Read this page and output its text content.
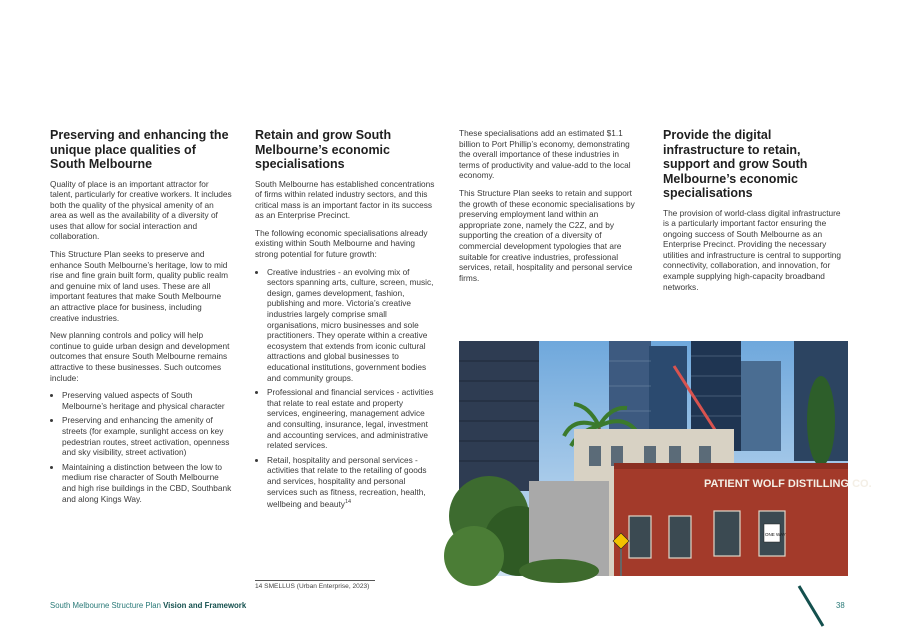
Preserving and enhancing the unique place qualities of South Melbourne

Quality of place is an important attractor for talent, particularly for creative workers. It includes both the quality of the physical amenity of an area as well as the availability of a diversity of uses that allow for social interaction and collaboration.

This Structure Plan seeks to preserve and enhance South Melbourne’s heritage, low to mid rise and fine grain built form, quality public realm and genuine mix of land uses. These are all important features that make South Melbourne an attractive place for business, including creative industries.

New planning controls and policy will help continue to guide urban design and development outcomes that ensure South Melbourne remains attractive to these businesses. Such outcomes include:

• Preserving valued aspects of South Melbourne’s heritage and physical character
• Preserving and enhancing the amenity of streets (for example, sunlight access on key pedestrian routes, street activation, openness and sky visibility, street activation)
• Maintaining a distinction between the low to medium rise character of South Melbourne and high rise buildings in the CBD, Southbank and along Kings Way.
Retain and grow South Melbourne’s economic specialisations

South Melbourne has established concentrations of firms within related industry sectors, and this critical mass is an important factor in its success as an Enterprise Precinct.

The following economic specialisations already existing within South Melbourne and having strong potential for future growth:

• Creative industries - an evolving mix of sectors spanning arts, culture, screen, music, design, games development, fashion, publishing and more. Victoria’s creative industries largely comprise small organisations, micro businesses and sole practitioners. They operate within a creative ecosystem that extends from iconic cultural attractions and global businesses to educational institutions, government bodies and community groups.
• Professional and financial services - activities that relate to real estate and property services, engineering, management advice and consulting, insurance, legal, investment and accounting services, and administrative related services.
• Retail, hospitality and personal services - activities that relate to the retailing of goods and services, hospitality and personal services such as fitness, recreation, health, wellbeing and beauty$^{14}$

These specialisations add an estimated $1.1 billion to Port Phillip’s economy, demonstrating the overall importance of these industries in terms of productivity and value-add to the local economy.

This Structure Plan seeks to retain and support the growth of these economic specialisations by preserving employment land within an appropriate zone, namely the C2Z, and by supporting the creation of a diversity of commercial development typologies that are suitable for creative industries, professional services, retail, hospitality and personal service firms.

Provide the digital infrastructure to retain, support and grow South Melbourne’s economic specialisations

The provision of world-class digital infrastructure is a particularly important factor ensuring the ongoing success of South Melbourne as an Enterprise Precinct. Providing the necessary utilities and infrastructure is central to supporting connectivity, collaboration, and innovation, for example supplying high-capacity broadband networks.

PATIENT WOLF DISTILLING CO.
ONE WAY
14 SMELLUS (Urban Enterprise, 2023)
South Melbourne Structure Plan Vision and Framework	38
